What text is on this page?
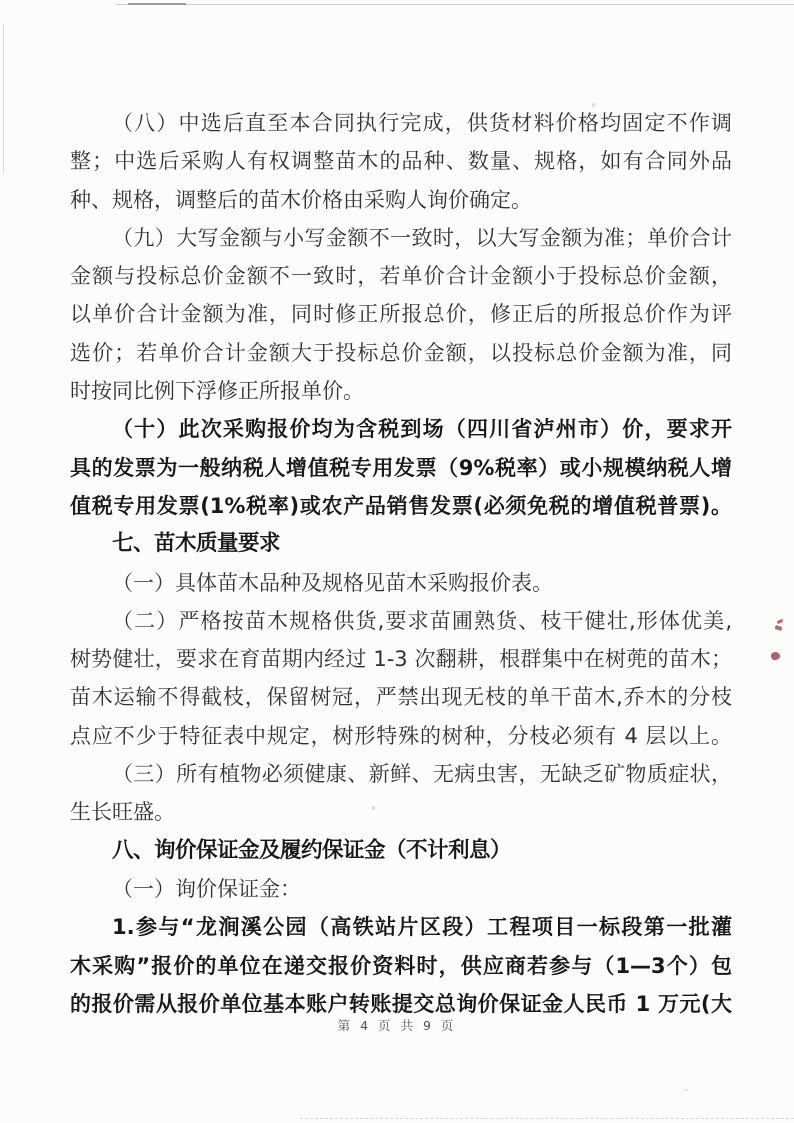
（八）中选后直至本合同执行完成，供货材料价格均固定不作调
整；中选后采购人有权调整苗木的品种、数量、规格，如有合同外品
种、规格，调整后的苗木价格由采购人询价确定。
（九）大写金额与小写金额不一致时，以大写金额为准；单价合计
金额与投标总价金额不一致时，若单价合计金额小于投标总价金额，
以单价合计金额为准，同时修正所报总价，修正后的所报总价作为评
选价；若单价合计金额大于投标总价金额，以投标总价金额为准，同
时按同比例下浮修正所报单价。
（十）此次采购报价均为含税到场（四川省泸州市）价，要求开
具的发票为一般纳税人增值税专用发票（9%税率）或小规模纳税人增
值税专用发票(1%税率)或农产品销售发票(必须免税的增值税普票)。
七、苗木质量要求
（一）具体苗木品种及规格见苗木采购报价表。
（二）严格按苗木规格供货,要求苗圃熟货、枝干健壮,形体优美,
树势健壮，要求在育苗期内经过 1-3 次翻耕，根群集中在树蔸的苗木；
苗木运输不得截枝，保留树冠，严禁出现无枝的单干苗木,乔木的分枝
点应不少于特征表中规定，树形特殊的树种，分枝必须有 4 层以上。
（三）所有植物必须健康、新鲜、无病虫害，无缺乏矿物质症状，
生长旺盛。
八、询价保证金及履约保证金（不计利息）
（一）询价保证金：
1.参与“龙涧溪公园（高铁站片区段）工程项目一标段第一批灌
木采购”报价的单位在递交报价资料时，供应商若参与（1—3个）包
的报价需从报价单位基本账户转账提交总询价保证金人民币 1 万元(大
第 4 页 共 9 页
